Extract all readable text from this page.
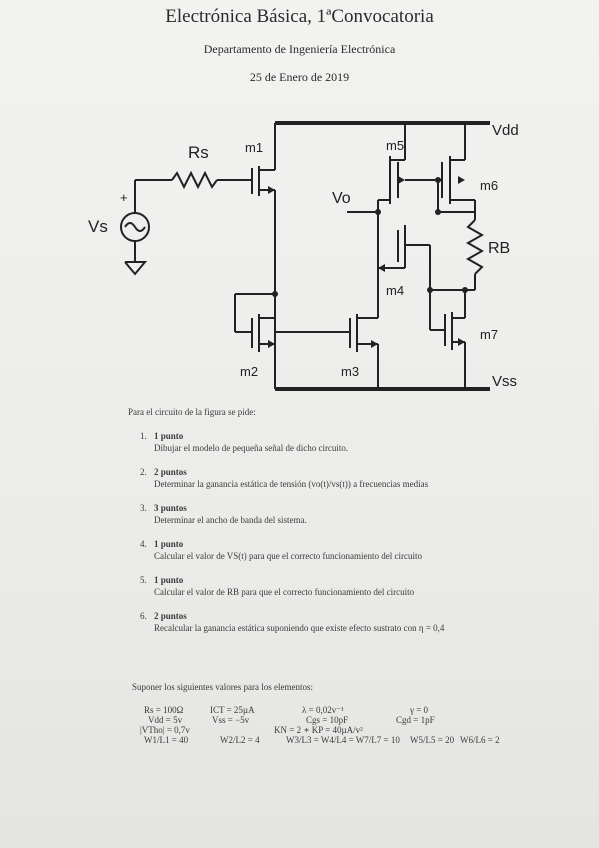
Electrónica Básica, 1ªConvocatoria
Departamento de Ingeniería Electrónica
25 de Enero de 2019
Rs	m1	m5
m6
Vdd
Vo
RB
Vs
+
m4
m7
m2	m3
Vss
Para el circuito de la figura se pide:
1. 1 punto
Dibujar el modelo de pequeña señal de dicho circuito.
2. 2 puntos
Determinar la ganancia estática de tensión (vo(t)/vs(t)) a frecuencias medias
3. 3 puntos
Determinar el ancho de banda del sistema.
4. 1 punto
Calcular el valor de VS(t) para que el correcto funcionamiento del circuito
5. 1 punto
Calcular el valor de RB para que el correcto funcionamiento del circuito
6. 2 puntos
Recalcular la ganancia estática suponiendo que existe efecto sustrato con η = 0,4
Suponer los siguientes valores para los elementos:
Rs = 100Ω	ICT = 25µA	λ = 0,02v⁻¹	γ = 0
Vdd = 5v	Vss = −5v	Cgs = 10pF	Cgd = 1pF
|VTho| = 0,7v	KN = 2 ∗ KP = 40µA/v²
W1/L1 = 40	W2/L2 = 4	W3/L3 = W4/L4 = W7/L7 = 10 W5/L5 = 20 W6/L6 = 2
